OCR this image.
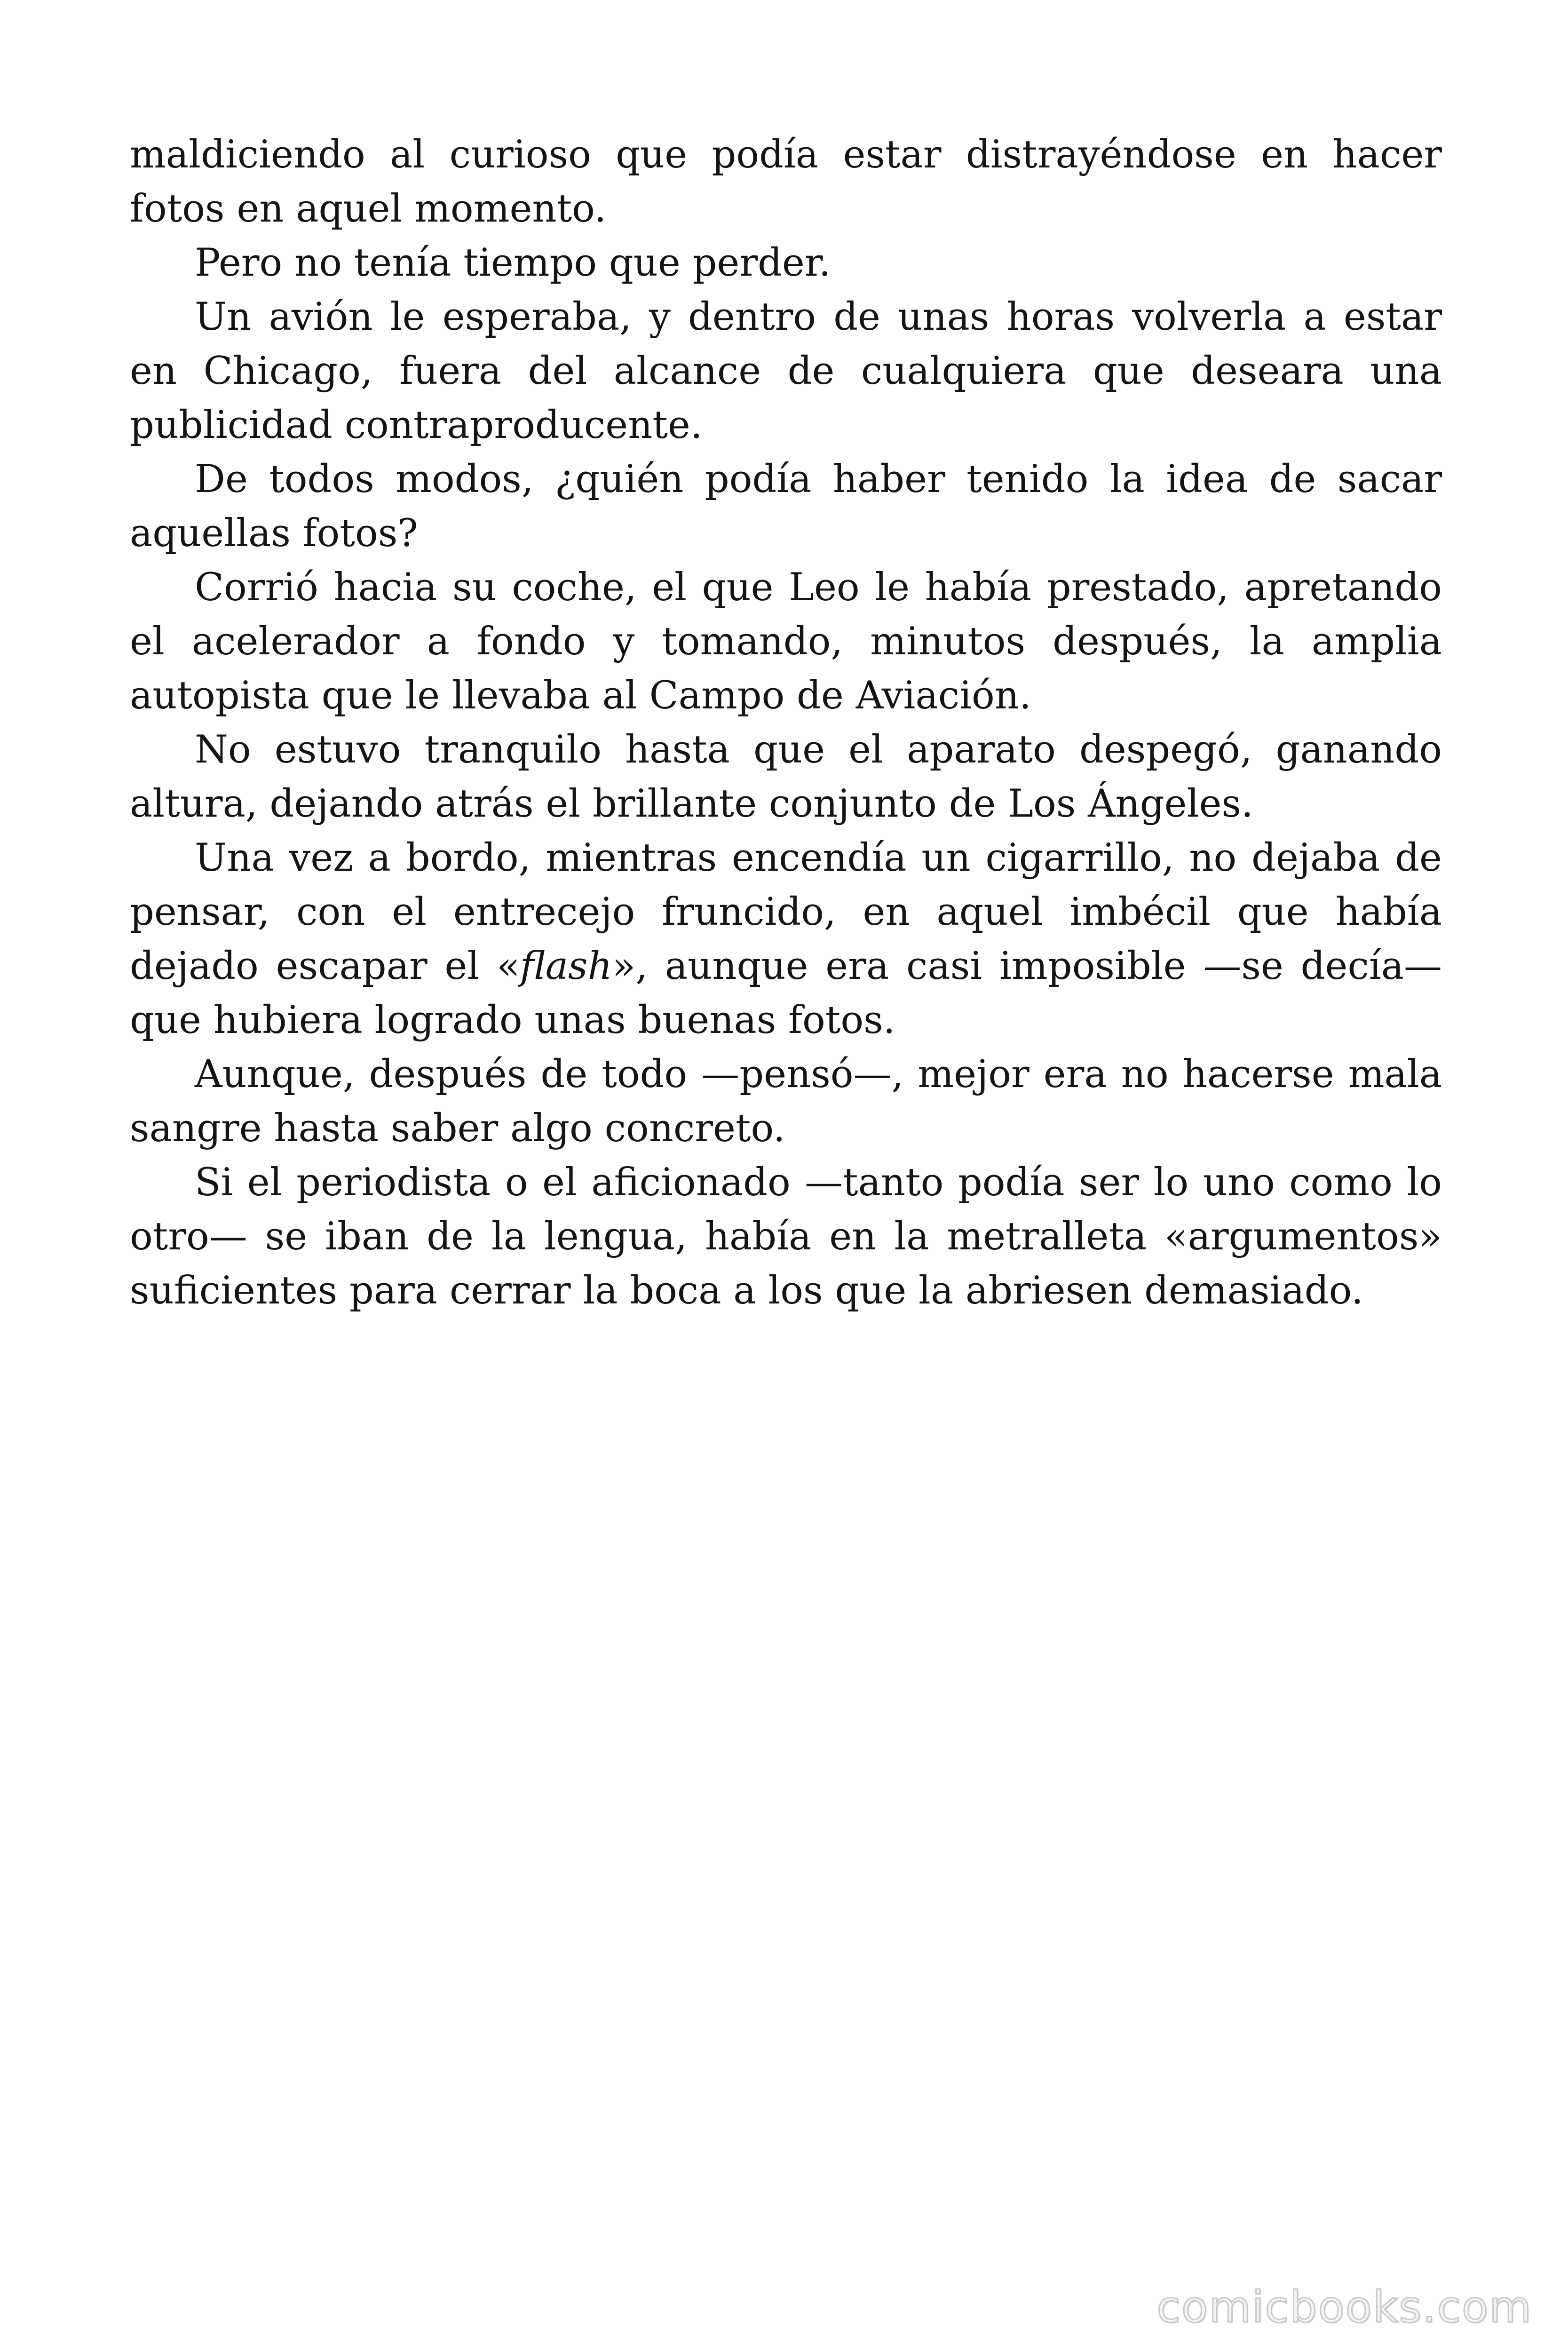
maldiciendo al curioso que podía estar distrayéndose en hacer fotos en aquel momento.

Pero no tenía tiempo que perder.

Un avión le esperaba, y dentro de unas horas volverla a estar en Chicago, fuera del alcance de cualquiera que deseara una publicidad contraproducente.

De todos modos, ¿quién podía haber tenido la idea de sacar aquellas fotos?

Corrió hacia su coche, el que Leo le había prestado, apretando el acelerador a fondo y tomando, minutos después, la amplia autopista que le llevaba al Campo de Aviación.

No estuvo tranquilo hasta que el aparato despegó, ganando altura, dejando atrás el brillante conjunto de Los Ángeles.

Una vez a bordo, mientras encendía un cigarrillo, no dejaba de pensar, con el entrecejo fruncido, en aquel imbécil que había dejado escapar el «flash», aunque era casi imposible —se decía— que hubiera logrado unas buenas fotos.

Aunque, después de todo —pensó—, mejor era no hacerse mala sangre hasta saber algo concreto.

Si el periodista o el aficionado —tanto podía ser lo uno como lo otro— se iban de la lengua, había en la metralleta «argumentos» suficientes para cerrar la boca a los que la abriesen demasiado.

comicbooks.com
